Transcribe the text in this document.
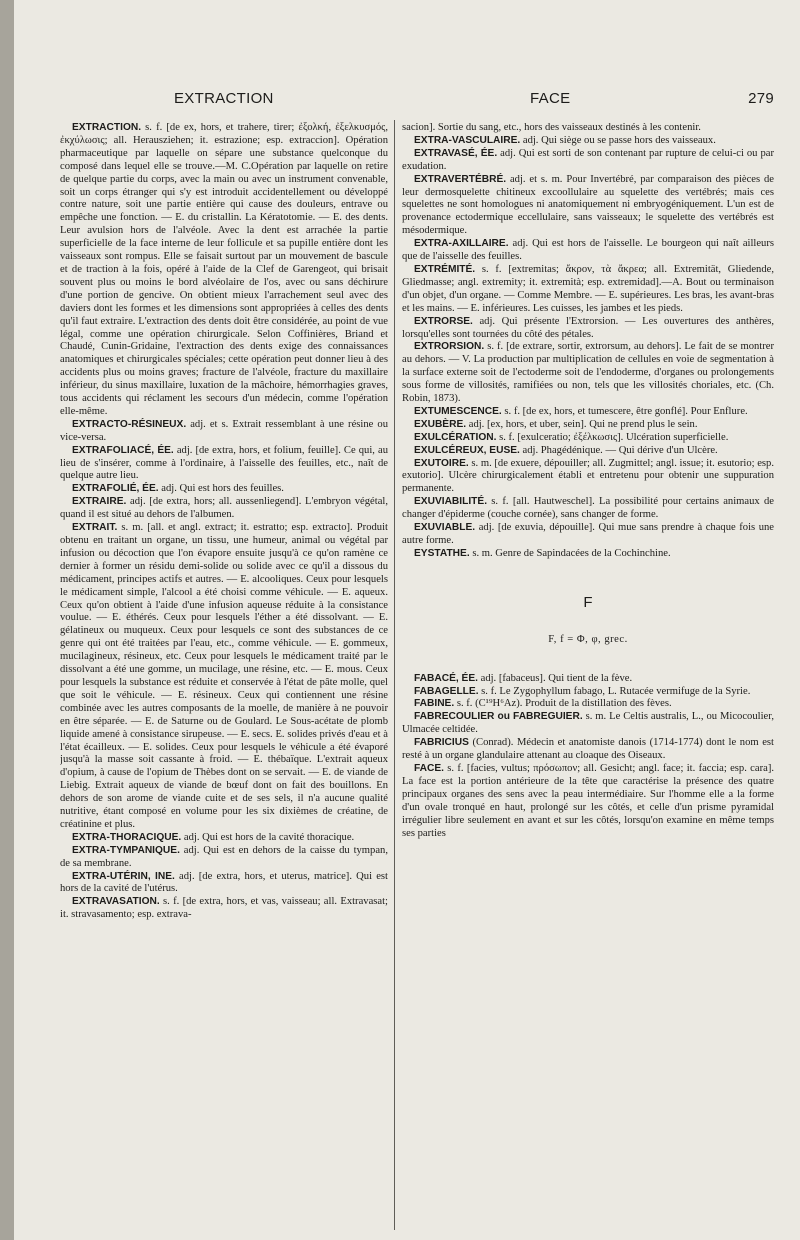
EXTRACTION	FACE	279

EXTRACTION. s. f. [de ex, hors, et trahere, tirer; ἐξολκή, ἐξελκυσμός, ἐκχύλωσις; all. Herausziehen; it. estrazione; esp. extraccion]. Opération pharmaceutique par laquelle on sépare une substance quelconque du composé dans lequel elle se trouve.—M. C.Opération par laquelle on retire de quelque partie du corps, avec la main ou avec un instrument convenable, soit un corps étranger qui s'y est introduit accidentellement ou développé contre nature, soit une partie entière qui cause des douleurs, entrave ou empêche une fonction. — E. du cristallin. La Kératotomie. — E. des dents. Leur avulsion hors de l'alvéole. Avec la dent est arrachée la partie superficielle de la face interne de leur follicule et sa pupille entière dont les vaisseaux sont rompus. Elle se faisait surtout par un mouvement de bascule et de traction à la fois, opéré à l'aide de la Clef de Garengeot, qui brisait souvent plus ou moins le bord alvéolaire de l'os, avec ou sans déchirure d'une portion de gencive. On obtient mieux l'arrachement seul avec des daviers dont les formes et les dimensions sont appropriées à celles des dents qu'il faut extraire. L'extraction des dents doit être considérée, au point de vue légal, comme une opération chirurgicale. Selon Coffinières, Briand et Chaudé, Cunin-Gridaine, l'extraction des dents exige des connaissances anatomiques et chirurgicales spéciales; cette opération peut donner lieu à des accidents plus ou moins graves; fracture de l'alvéole, fracture du maxillaire inférieur, du sinus maxillaire, luxation de la mâchoire, hémorrhagies graves, tous accidents qui réclament les secours d'un médecin, comme l'opération elle-même.

EXTRACTO-RÉSINEUX. adj. et s. Extrait ressemblant à une résine ou vice-versa.

EXTRAFOLIACÉ, ÉE. adj. [de extra, hors, et folium, feuille]. Ce qui, au lieu de s'insérer, comme à l'ordinaire, à l'aisselle des feuilles, etc., naît de quelque autre lieu.

EXTRAFOLIÉ, ÉE. adj. Qui est hors des feuilles.

EXTRAIRE. adj. [de extra, hors; all. aussenliegend]. L'embryon végétal, quand il est situé au dehors de l'albumen.

EXTRAIT. s. m. [all. et angl. extract; it. estratto; esp. extracto]. Produit obtenu en traitant un organe, un tissu, une humeur, animal ou végétal par infusion ou décoction que l'on évapore ensuite jusqu'à ce qu'on ramène ce dernier à former un résidu demi-solide ou solide avec ce qu'il a dissous du médicament, principes actifs et autres. — E. alcooliques. Ceux pour lesquels le médicament simple, l'alcool a été choisi comme véhicule. — E. aqueux. Ceux qu'on obtient à l'aide d'une infusion aqueuse réduite à la consistance voulue. — E. éthérés. Ceux pour lesquels l'éther a été dissolvant. — E. gélatineux ou muqueux. Ceux pour lesquels ce sont des substances de ce genre qui ont été traitées par l'eau, etc., comme véhicule. — E. gommeux, mucilagineux, résineux, etc. Ceux pour lesquels le médicament traité par le dissolvant a été une gomme, un mucilage, une résine, etc. — E. mous. Ceux pour lesquels la substance est réduite et conservée à l'état de pâte molle, quel que soit le véhicule. — E. résineux. Ceux qui contiennent une résine combinée avec les autres composants de la moelle, de manière à ne pouvoir en être séparée. — E. de Saturne ou de Goulard. Le Sous-acétate de plomb liquide amené à consistance sirupeuse. — E. secs. E. solides privés d'eau et à l'état écailleux. — E. solides. Ceux pour lesquels le véhicule a été évaporé jusqu'à la masse soit cassante à froid. — E. thébaïque. L'extrait aqueux d'opium, à cause de l'opium de Thèbes dont on se servait. — E. de viande de Liebig. Extrait aqueux de viande de bœuf dont on fait des bouillons. En dehors de son arome de viande cuite et de ses sels, il n'a aucune qualité nutritive, étant composé en volume pour les six dixièmes de créatine, de créatinine et plus.

EXTRA-THORACIQUE. adj. Qui est hors de la cavité thoracique.

EXTRA-TYMPANIQUE. adj. Qui est en dehors de la caisse du tympan, de sa membrane.

EXTRA-UTÉRIN, INE. adj. [de extra, hors, et uterus, matrice]. Qui est hors de la cavité de l'utérus.

EXTRAVASATION. s. f. [de extra, hors, et vas, vaisseau; all. Extravasat; it. stravasamento; esp. extrava-

sacion]. Sortie du sang, etc., hors des vaisseaux destinés à les contenir.

EXTRA-VASCULAIRE. adj. Qui siège ou se passe hors des vaisseaux.

EXTRAVASÉ, ÉE. adj. Qui est sorti de son contenant par rupture de celui-ci ou par exudation.

EXTRAVERTÉBRÉ. adj. et s. m. Pour Invertébré, par comparaison des pièces de leur dermosquelette chitineux excoollulaire au squelette des vertébrés; mais ces squelettes ne sont homologues ni anatomiquement ni embryogéniquement. L'un est de provenance ectodermique eccellulaire, sans vaisseaux; le squelette des vertébrés est mésodermique.

EXTRA-AXILLAIRE. adj. Qui est hors de l'aisselle. Le bourgeon qui naît ailleurs que de l'aisselle des feuilles.

EXTRÉMITÉ. s. f. [extremitas; ἄκρον, τὰ ἄκρεα; all. Extremität, Gliedende, Gliedmasse; angl. extremity; it. extremità; esp. extremidad].—A. Bout ou terminaison d'un objet, d'un organe. — Comme Membre. — E. supérieures. Les bras, les avant-bras et les mains. — E. inférieures. Les cuisses, les jambes et les pieds.

EXTRORSE. adj. Qui présente l'Extrorsion. — Les ouvertures des anthères, lorsqu'elles sont tournées du côté des pétales.

EXTRORSION. s. f. [de extrare, sortir, extrorsum, au dehors]. Le fait de se montrer au dehors. — V. La production par multiplication de cellules en voie de segmentation à la surface externe soit de l'ectoderme soit de l'endoderme, d'organes ou prolongements sous forme de villosités, ramifiées ou non, tels que les villosités choriales, etc. (Ch. Robin, 1873).

EXTUMESCENCE. s. f. [de ex, hors, et tumescere, être gonflé]. Pour Enflure.

EXUBÈRE. adj. [ex, hors, et uber, sein]. Qui ne prend plus le sein.

EXULCÉRATION. s. f. [exulceratio; ἐξέλκωσις]. Ulcération superficielle.

EXULCÉREUX, EUSE. adj. Phagédénique. — Qui dérive d'un Ulcère.

EXUTOIRE. s. m. [de exuere, dépouiller; all. Zugmittel; angl. issue; it. esutorio; esp. exutorio]. Ulcère chirurgicalement établi et entretenu pour obtenir une suppuration permanente.

EXUVIABILITÉ. s. f. [all. Hautweschel]. La possibilité pour certains animaux de changer d'épiderme (couche cornée), sans changer de forme.

EXUVIABLE. adj. [de exuvia, dépouille]. Qui mue sans prendre à chaque fois une autre forme.

EYSTATHE. s. m. Genre de Sapindacées de la Cochinchine.

F
F, f = Φ, φ, grec.

FABACÉ, ÉE. adj. [fabaceus]. Qui tient de la fève.

FABAGELLE. s. f. Le Zygophyllum fabago, L. Rutacée vermifuge de la Syrie.

FABINE. s. f. (C¹⁹H⁶Az). Produit de la distillation des fèves.

FABRECOULIER ou FABREGUIER. s. m. Le Celtis australis, L., ou Micocoulier, Ulmacée celtidée.

FABRICIUS (Conrad). Médecin et anatomiste danois (1714-1774) dont le nom est resté à un organe glandulaire attenant au cloaque des Oiseaux.

FACE. s. f. [facies, vultus; πρόσωπον; all. Gesicht; angl. face; it. faccia; esp. cara]. La face est la portion antérieure de la tête que caractérise la présence des quatre principaux organes des sens avec la peau intermédiaire. Sur l'homme elle a la forme d'un ovale tronqué en haut, prolongé sur les côtés, et celle d'un prisme pyramidal irrégulier libre seulement en avant et sur les côtés, lorsqu'on examine en même temps ses parties
